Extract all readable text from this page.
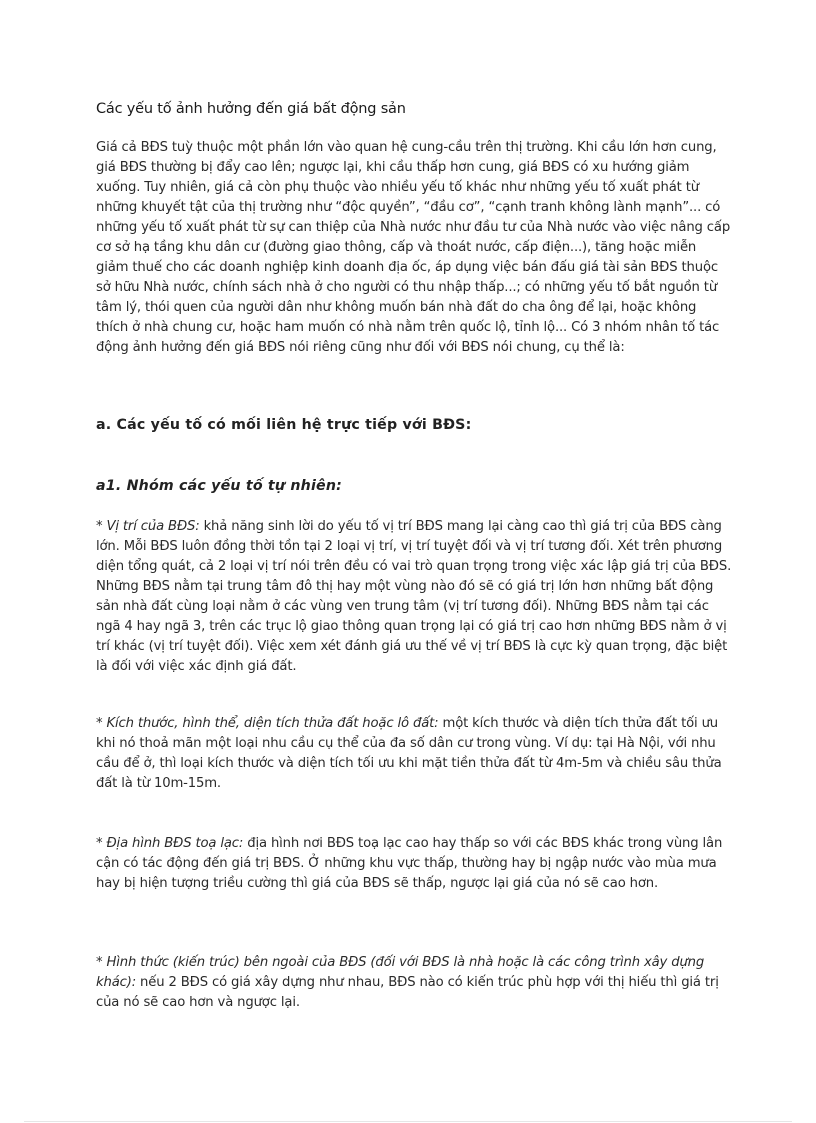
Các yếu tố ảnh hưởng đến giá bất động sản
Giá cả BĐS tuỳ thuộc một phần lớn vào quan hệ cung-cầu trên thị trường. Khi cầu lớn hơn cung, giá BĐS thường bị đẩy cao lên; ngược lại, khi cầu thấp hơn cung, giá BĐS có xu hướng giảm xuống. Tuy nhiên, giá cả còn phụ thuộc vào nhiều yếu tố khác như những yếu tố xuất phát từ những khuyết tật của thị trường như “độc quyền”, “đầu cơ”, “cạnh tranh không lành mạnh”... có những yếu tố xuất phát từ sự can thiệp của Nhà nước như đầu tư của Nhà nước vào việc nâng cấp cơ sở hạ tầng khu dân cư (đường giao thông, cấp và thoát nước, cấp điện...), tăng hoặc miễn giảm thuế cho các doanh nghiệp kinh doanh địa ốc, áp dụng việc bán đấu giá tài sản BĐS thuộc sở hữu Nhà nước, chính sách nhà ở cho người có thu nhập thấp...; có những yếu tố bắt nguồn từ tâm lý, thói quen của người dân như không muốn bán nhà đất do cha ông để lại, hoặc không thích ở nhà chung cư, hoặc ham muốn có nhà nằm trên quốc lộ, tỉnh lộ... Có 3 nhóm nhân tố tác động ảnh hưởng đến giá BĐS nói riêng cũng như đối với BĐS nói chung, cụ thể là:
a. Các yếu tố có mối liên hệ trực tiếp với BĐS:
a1. Nhóm các yếu tố tự nhiên:
* Vị trí của BĐS: khả năng sinh lời do yếu tố vị trí BĐS mang lại càng cao thì giá trị của BĐS càng lớn. Mỗi BĐS luôn đồng thời tồn tại 2 loại vị trí, vị trí tuyệt đối và vị trí tương đối. Xét trên phương diện tổng quát, cả 2 loại vị trí nói trên đều có vai trò quan trọng trong việc xác lập giá trị của BĐS. Những BĐS nằm tại trung tâm đô thị hay một vùng nào đó sẽ có giá trị lớn hơn những bất động sản nhà đất cùng loại nằm ở các vùng ven trung tâm (vị trí tương đối). Những BĐS nằm tại các ngã 4 hay ngã 3, trên các trục lộ giao thông quan trọng lại có giá trị cao hơn những BĐS nằm ở vị trí khác (vị trí tuyệt đối). Việc xem xét đánh giá ưu thế về vị trí BĐS là cực kỳ quan trọng, đặc biệt là đối với việc xác định giá đất.
* Kích thước, hình thể, diện tích thửa đất hoặc lô đất: một kích thước và diện tích thửa đất tối ưu khi nó thoả mãn một loại nhu cầu cụ thể của đa số dân cư trong vùng. Ví dụ: tại Hà Nội, với nhu cầu để ở, thì loại kích thước và diện tích tối ưu khi mặt tiền thửa đất từ 4m-5m và chiều sâu thửa đất là từ 10m-15m.
* Địa hình BĐS toạ lạc: địa hình nơi BĐS toạ lạc cao hay thấp so với các BĐS khác trong vùng lân cận có tác động đến giá trị BĐS. Ở những khu vực thấp, thường hay bị ngập nước vào mùa mưa hay bị hiện tượng triều cường thì giá của BĐS sẽ thấp, ngược lại giá của nó sẽ cao hơn.
* Hình thức (kiến trúc) bên ngoài của BĐS (đối với BĐS là nhà hoặc là các công trình xây dựng khác): nếu 2 BĐS có giá xây dựng như nhau, BĐS nào có kiến trúc phù hợp với thị hiếu thì giá trị của nó sẽ cao hơn và ngược lại.
